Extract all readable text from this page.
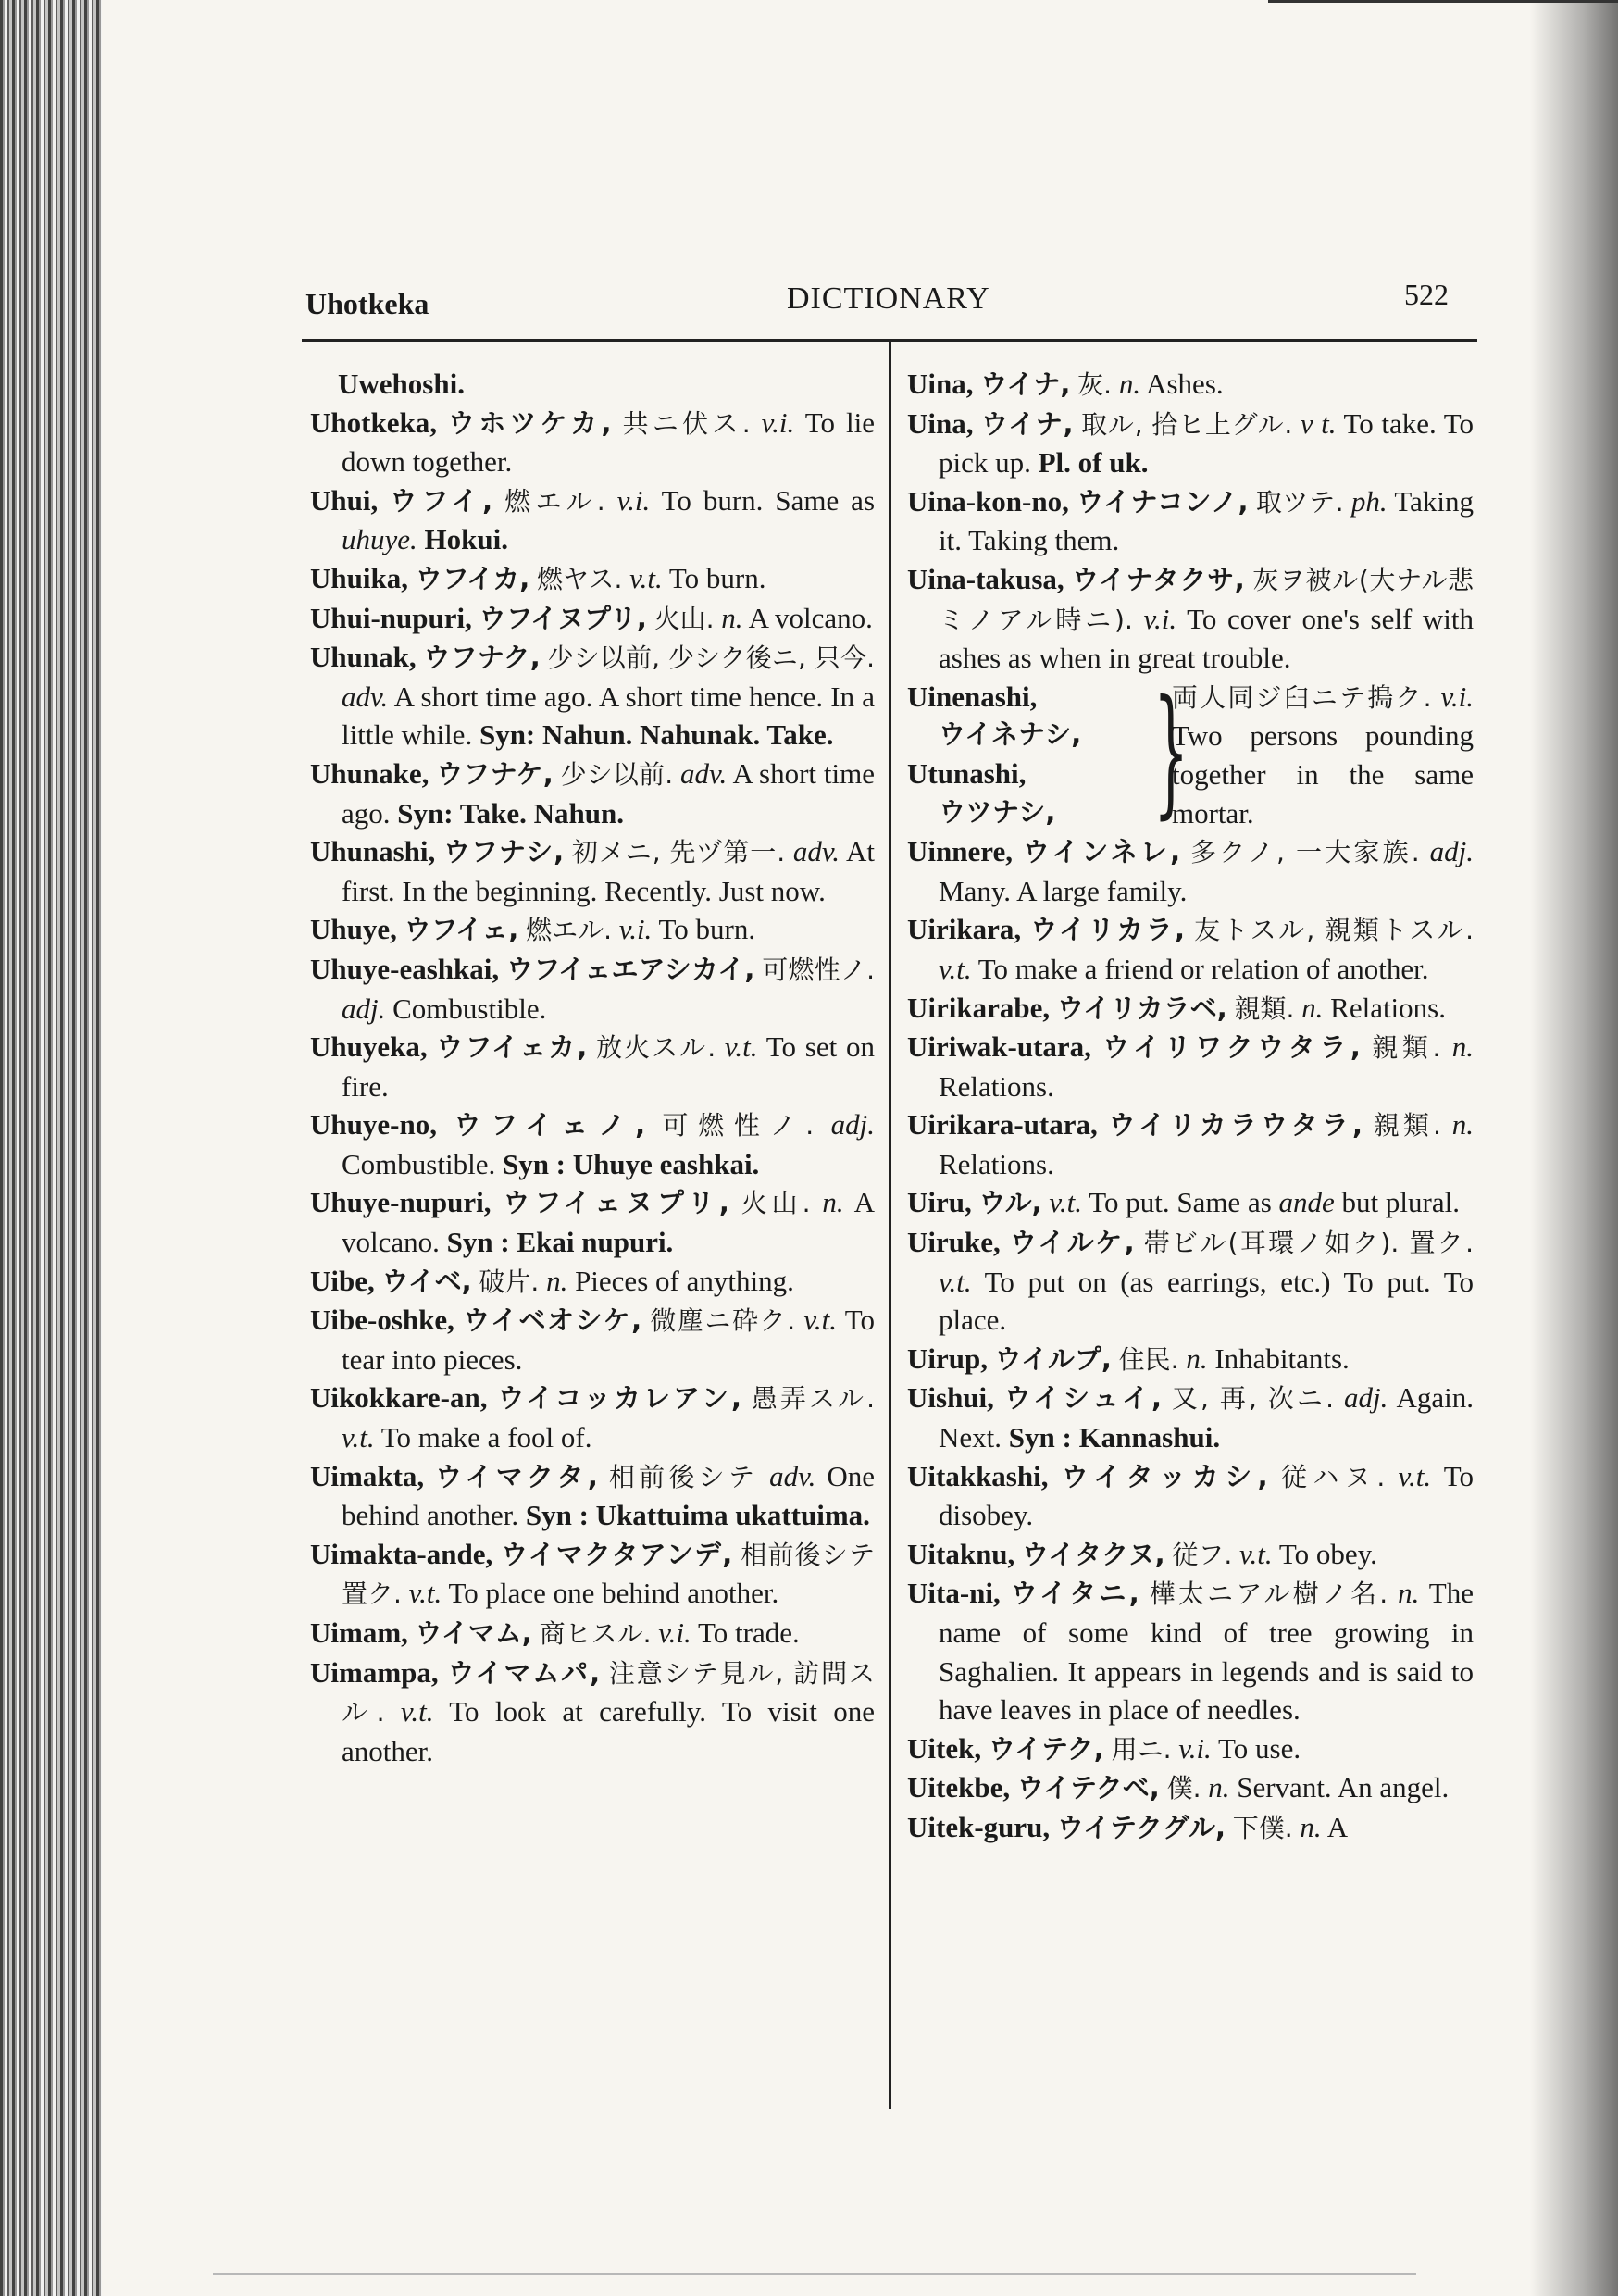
Uhotkeka	DICTIONARY	522
Uwehoshi.
Uhotkeka, ウホツケカ, 共ニ伏ス. v.i. To lie down together.
Uhui, ウフイ, 燃エル. v.i. To burn. Same as uhuye. Hokui.
Uhuika, ウフイカ, 燃ヤス. v.t. To burn.
Uhui-nupuri, ウフイヌプリ, 火山. n. A volcano.
Uhunak, ウフナク, 少シ以前, 少シク後ニ, 只今. adv. A short time ago. A short time hence. In a little while. Syn: Nahun. Nahunak. Take.
Uhunake, ウフナケ, 少シ以前. adv. A short time ago. Syn: Take. Nahun.
Uhunashi, ウフナシ, 初メニ, 先ヅ第一. adv. At first. In the beginning. Recently. Just now.
Uhuye, ウフイェ, 燃エル. v.i. To burn.
Uhuye-eashkai, ウフイェエアシカイ, 可燃性ノ. adj. Combustible.
Uhuyeka, ウフイェカ, 放火スル. v.t. To set on fire.
Uhuye-no, ウフイェノ, 可燃性ノ. adj. Combustible. Syn : Uhuye eashkai.
Uhuye-nupuri, ウフイェヌプリ, 火山. n. A volcano. Syn : Ekai nupuri.
Uibe, ウイベ, 破片. n. Pieces of anything.
Uibe-oshke, ウイベオシケ, 微塵ニ砕ク. v.t. To tear into pieces.
Uikokkare-an, ウイコッカレアン, 愚弄スル. v.t. To make a fool of.
Uimakta, ウイマクタ, 相前後シテ adv. One behind another. Syn : Ukattuima ukattuima.
Uimakta-ande, ウイマクタアンデ, 相前後シテ置ク. v.t. To place one behind another.
Uimam, ウイマム, 商ヒスル. v.i. To trade.
Uimampa, ウイマムパ, 注意シテ見ル, 訪問スル. v.t. To look at carefully. To visit one another.
Uina, ウイナ, 灰. n. Ashes.
Uina, ウイナ, 取ル, 拾ヒ上グル. v t. To take. To pick up. Pl. of uk.
Uina-kon-no, ウイナコンノ, 取ツテ. ph. Taking it. Taking them.
Uina-takusa, ウイナタクサ, 灰ヲ被ル(大ナル悲ミノアル時ニ). v.i. To cover one's self with ashes as when in great trouble.
Uinenashi,
ウイネナシ,
Utunashi,
ウツナシ, }
両人同ジ臼ニテ搗ク. v.i. Two persons pounding together in the same mortar.
Uinnere, ウインネレ, 多クノ, 一大家族. adj. Many. A large family.
Uirikara, ウイリカラ, 友トスル, 親類トスル. v.t. To make a friend or relation of another.
Uirikarabe, ウイリカラベ, 親類. n. Relations.
Uiriwak-utara, ウイリワクウタラ, 親類. n. Relations.
Uirikara-utara, ウイリカラウタラ, 親類. n. Relations.
Uiru, ウル, v.t. To put. Same as ande but plural.
Uiruke, ウイルケ, 帯ビル(耳環ノ如ク). 置ク. v.t. To put on (as earrings, etc.) To put. To place.
Uirup, ウイルプ, 住民. n. Inhabitants.
Uishui, ウイシュイ, 又, 再, 次ニ. adj. Again. Next. Syn : Kannashui.
Uitakkashi, ウイタッカシ, 従ハヌ. v.t. To disobey.
Uitaknu, ウイタクヌ, 従フ. v.t. To obey.
Uita-ni, ウイタニ, 樺太ニアル樹ノ名. n. The name of some kind of tree growing in Saghalien. It appears in legends and is said to have leaves in place of needles.
Uitek, ウイテク, 用ニ. v.i. To use.
Uitekbe, ウイテクベ, 僕. n. Servant. An angel.
Uitek-guru, ウイテクグル, 下僕. n. A
